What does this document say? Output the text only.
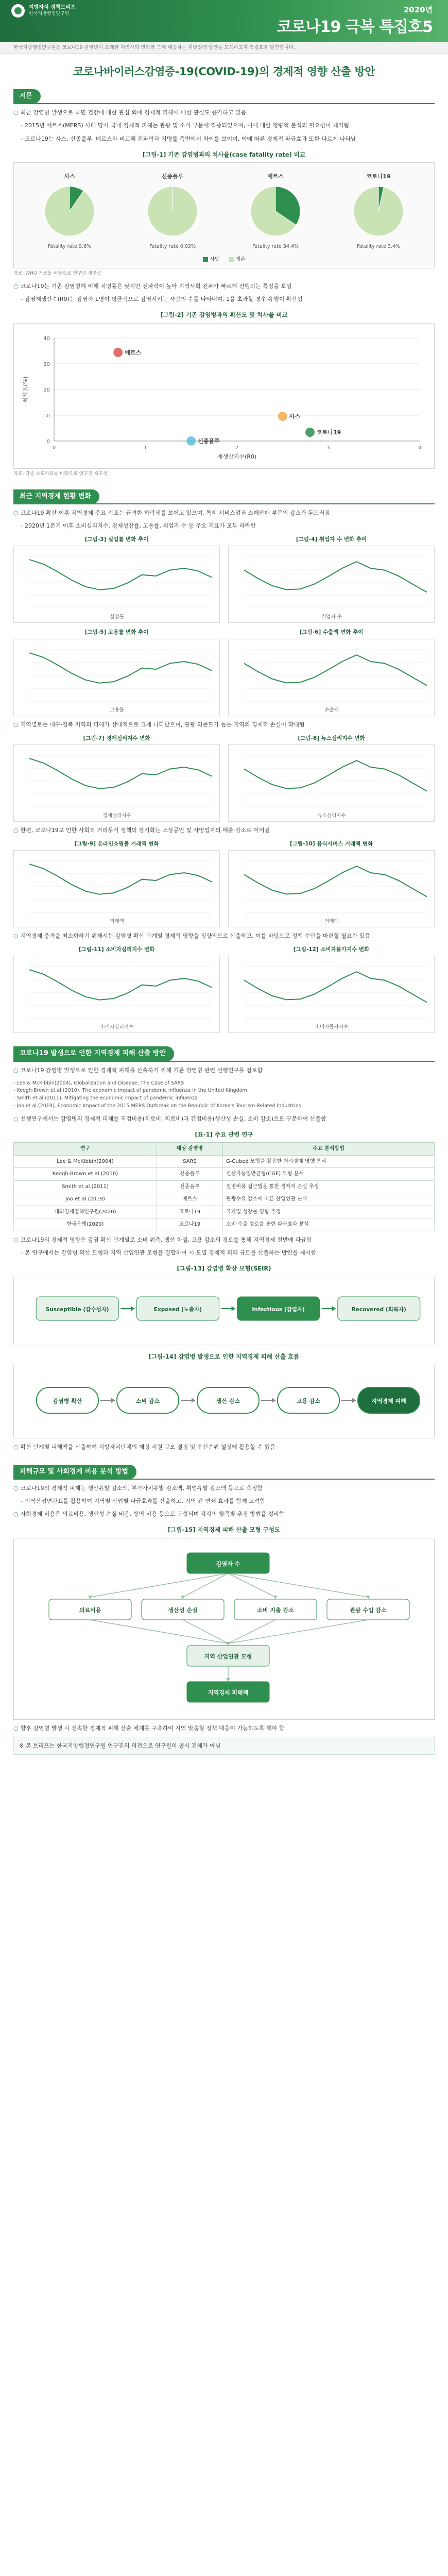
지방자치 정책브리프
한국지방행정연구원	2020년
코로나19 극복 특집호5
한국지방행정연구원은 코로나19 감염병이 초래한 지역사회 변화와 그에 대응하는 지방정책 방안을 모색하고자 특집호를 발간합니다.
코로나바이러스감염증-19(COVID-19)의 경제적 영향 산출 방안
서론

○ 최근 감염병 발생으로 국민 건강에 대한 관심 외에 경제적 피해에 대한 관심도 증가하고 있음

- 2015년 메르스(MERS) 사태 당시 국내 경제적 피해는 관광 및 소비 부문에 집중되었으며, 이에 대한 정량적 분석의 필요성이 제기됨

- 코로나19는 사스, 신종플루, 메르스와 비교해 전파력과 치명률 측면에서 차이를 보이며, 이에 따른 경제적 파급효과 또한 다르게 나타남

[그림-1] 기존 감염병과의 치사율(case fatality rate) 비교
사스
Fatality rate 9.6%
신종플루
Fatality rate 0.02%
메르스
Fatality rate 34.4%
코로나19
Fatality rate 3.4%
사망	생존
자료: WHO 자료를 바탕으로 연구진 재구성

○ 코로나19는 기존 감염병에 비해 치명률은 낮지만 전파력이 높아 지역사회 전파가 빠르게 진행되는 특징을 보임

- 감염재생산수(R0)는 감염자 1명이 평균적으로 감염시키는 사람의 수를 나타내며, 1을 초과할 경우 유행이 확산됨

[그림-2] 기존 감염병과의 확산도 및 치사율 비교
0
10
20
30
40
0	1	2	3	4
재생산지수(R0)
치사율(%)
메르스
사스
신종플루
코로나19
자료: 각종 보도자료를 바탕으로 연구진 재구성
최근 지역경제 현황 변화

○ 코로나19 확산 이후 지역경제 주요 지표는 급격한 하락세를 보이고 있으며, 특히 서비스업과 소매판매 부문의 감소가 두드러짐

- 2020년 1분기 이후 소비심리지수, 경제성장률, 고용률, 취업자 수 등 주요 지표가 모두 하락함

[그림-3] 실업률 변화 추이
실업률
[그림-4] 취업자 수 변화 추이
취업자 수
[그림-5] 고용률 변화 추이
고용률
[그림-6] 수출액 변화 추이
수출액

○ 지역별로는 대구·경북 지역의 피해가 상대적으로 크게 나타났으며, 관광 의존도가 높은 지역의 경제적 손실이 확대됨

[그림-7] 경제심리지수 변화
경제심리지수
[그림-8] 뉴스심리지수 변화
뉴스심리지수

○ 한편, 코로나19로 인한 사회적 거리두기 정책의 장기화는 소상공인 및 자영업자의 매출 감소로 이어짐

[그림-9] 온라인쇼핑몰 거래액 변화
거래액
[그림-10] 음식서비스 거래액 변화
거래액

○ 지역경제 충격을 최소화하기 위해서는 감염병 확산 단계별 경제적 영향을 정량적으로 산출하고, 이를 바탕으로 정책 수단을 마련할 필요가 있음

[그림-11] 소비자심리지수 변화
소비자심리지수
[그림-12] 소비자물가지수 변화
소비자물가지수
코로나19 발생으로 인한 지역경제 피해 산출 방안

○ 코로나19 감염병 발생으로 인한 경제적 피해를 산출하기 위해 기존 감염병 관련 선행연구를 검토함

- Lee & McKibbin(2004), Globalization and Disease: The Case of SARS

- Keogh-Brown et al.(2010), The economic impact of pandemic influenza in the United Kingdom

- Smith et al.(2011), Mitigating the economic impact of pandemic influenza

- Joo et al.(2019), Economic Impact of the 2015 MERS Outbreak on the Republic of Korea's Tourism-Related Industries

○ 선행연구에서는 감염병의 경제적 피해를 직접비용(치료비, 의료비)과 간접비용(생산성 손실, 소비 감소)으로 구분하여 산출함

[표-1] 주요 관련 연구
연구	대상 감염병	주요 분석방법
Lee & McKibbin(2004)	SARS	G-Cubed 모형을 활용한 거시경제 영향 분석
Keogh-Brown et al.(2010)	신종플루	연산가능일반균형(CGE) 모형 분석
Smith et al.(2011)	신종플루	질병비용 접근법을 통한 경제적 손실 추정
Joo et al.(2019)	메르스	관광수요 감소에 따른 산업연관 분석
대외경제정책연구원(2020)	코로나19	국가별 성장률 영향 추정
한국은행(2020)	코로나19	소비·수출 경로를 통한 파급효과 분석

○ 코로나19의 경제적 영향은 감염 확산 단계별로 소비 위축, 생산 차질, 고용 감소의 경로를 통해 지역경제 전반에 파급됨

- 본 연구에서는 감염병 확산 모형과 지역 산업연관 모형을 결합하여 시·도별 경제적 피해 규모를 산출하는 방안을 제시함

[그림-13] 감염병 확산 모형(SEIR)
Susceptible (감수성자)	Exposed (노출자)	Infectious (감염자)	Recovered (회복자)
[그림-14] 감염병 발생으로 인한 지역경제 피해 산출 흐름
감염병 확산	소비 감소	생산 감소	고용 감소	지역경제 피해

○ 확산 단계별 피해액을 산출하여 지방자치단체의 재정 지원 규모 결정 및 우선순위 설정에 활용할 수 있음

피해규모 및 사회경제 비용 분석 방법

○ 코로나19의 경제적 피해는 생산유발 감소액, 부가가치유발 감소액, 취업유발 감소액 등으로 측정함

- 지역산업연관표를 활용하여 지역별·산업별 파급효과를 산출하고, 지역 간 연쇄 효과를 함께 고려함

○ 사회경제 비용은 의료비용, 생산성 손실 비용, 방역 비용 등으로 구성되며 각각의 항목별 추정 방법을 정리함

[그림-15] 지역경제 피해 산출 모형 구성도
감염자 수
의료비용	생산성 손실	소비 지출 감소	관광 수입 감소
지역 산업연관 모형
지역경제 피해액

○ 향후 감염병 발생 시 신속한 경제적 피해 산출 체계를 구축하여 지역 맞춤형 정책 대응이 가능하도록 해야 함

※ 본 브리프는 한국지방행정연구원 연구진의 의견으로 연구원의 공식 견해가 아님
